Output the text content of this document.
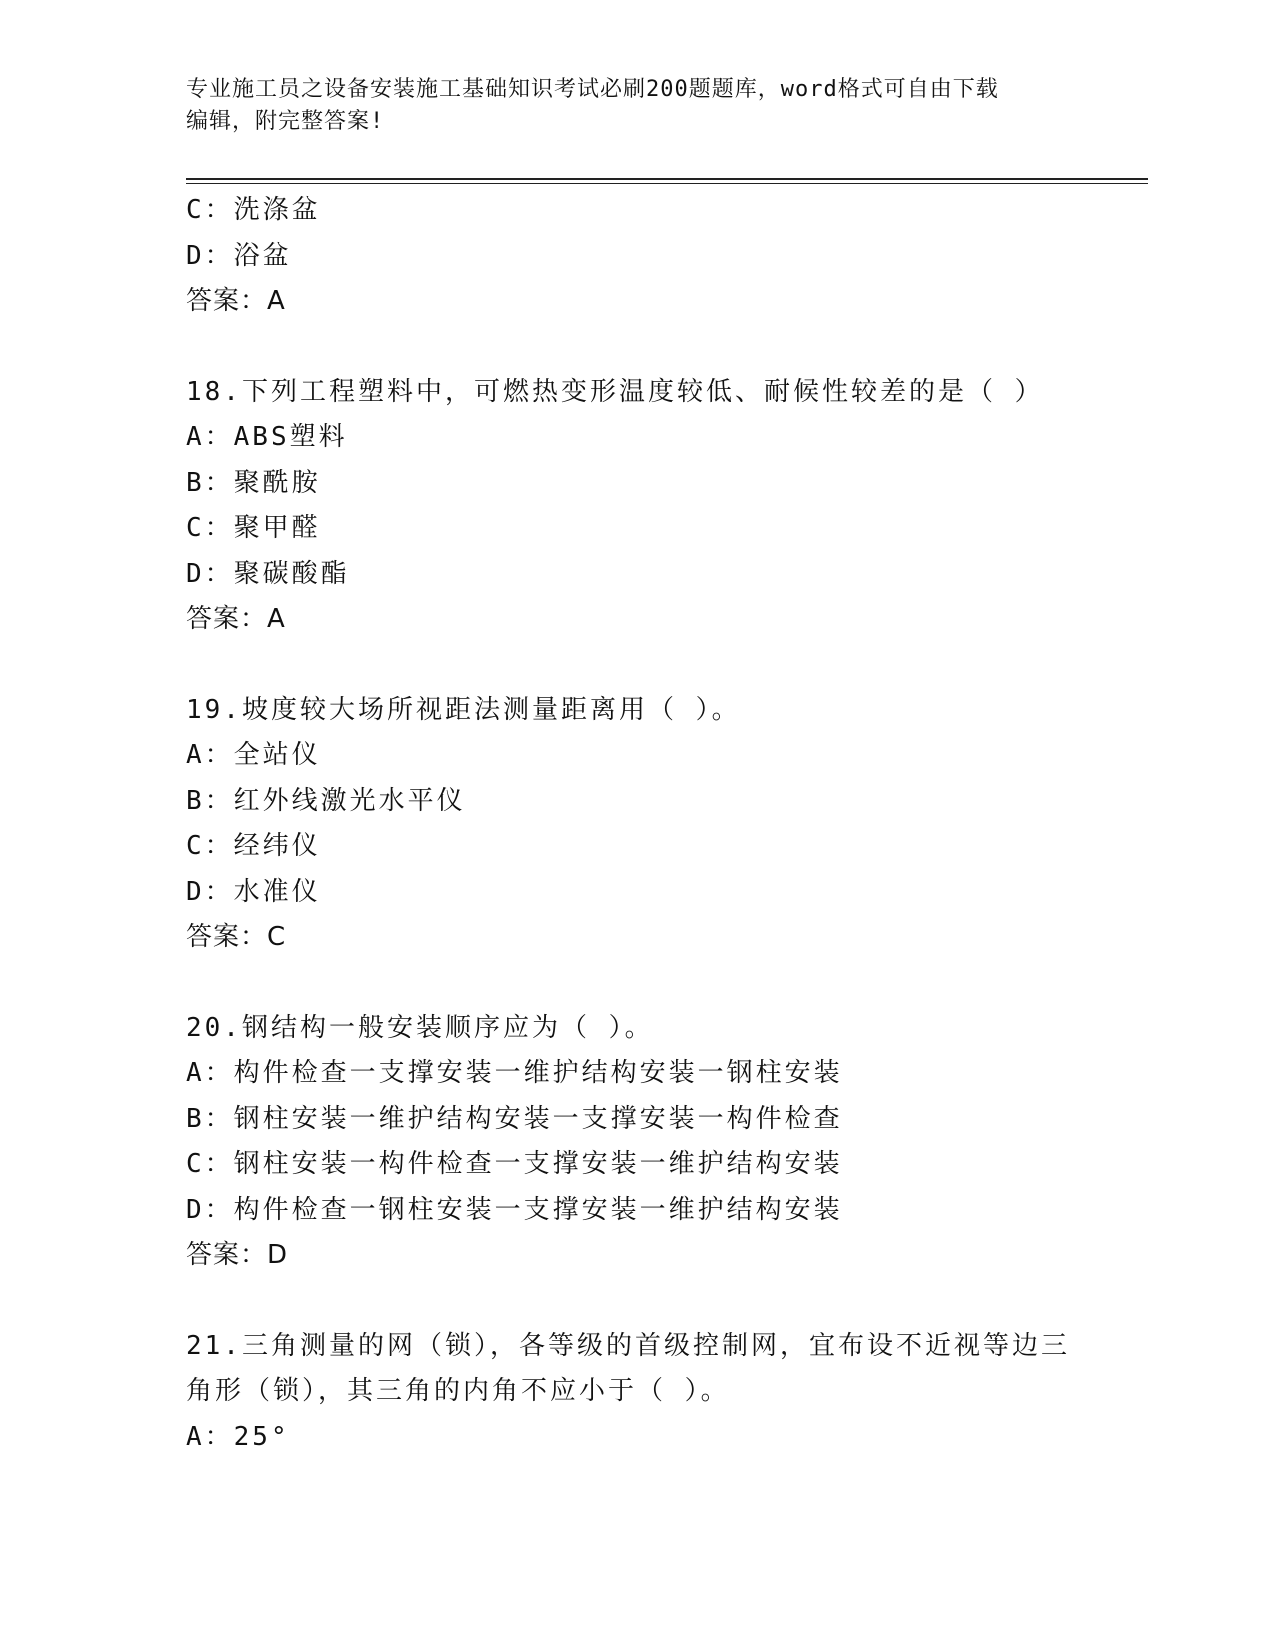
专业施工员之设备安装施工基础知识考试必刷200题题库，word格式可自由下载
编辑，附完整答案!
C：洗涤盆
D：浴盆
答案：A
18.下列工程塑料中，可燃热变形温度较低、耐候性较差的是（ ）
A：ABS塑料
B：聚酰胺
C：聚甲醛
D：聚碳酸酯
答案：A
19.坡度较大场所视距法测量距离用（ ）。
A：全站仪
B：红外线激光水平仪
C：经纬仪
D：水准仪
答案：C
20.钢结构一般安装顺序应为（ ）。
A：构件检查一支撑安装一维护结构安装一钢柱安装
B：钢柱安装一维护结构安装一支撑安装一构件检查
C：钢柱安装一构件检查一支撑安装一维护结构安装
D：构件检查一钢柱安装一支撑安装一维护结构安装
答案：D
21.三角测量的网（锁），各等级的首级控制网，宜布设不近视等边三
角形（锁），其三角的内角不应小于（ ）。
A：25°
